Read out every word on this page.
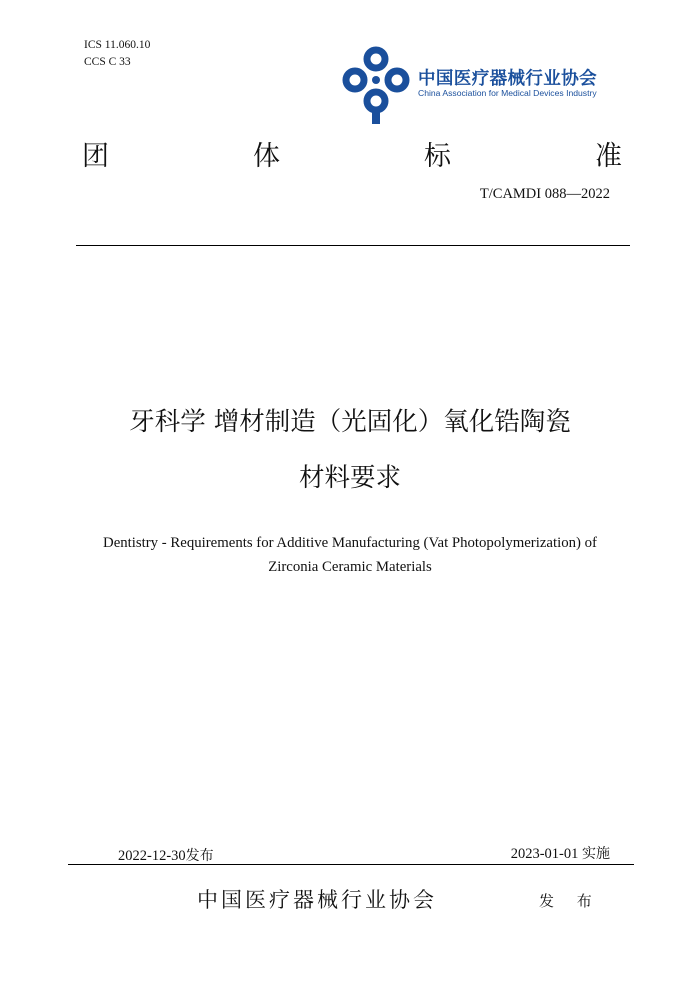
ICS 11.060.10
CCS C 33
中国医疗器械行业协会
China Association for Medical Devices Industry
团	体	标	准
T/CAMDI 088—2022
牙科学 增材制造（光固化）氧化锆陶瓷
材料要求
Dentistry - Requirements for Additive Manufacturing (Vat Photopolymerization) of
Zirconia Ceramic Materials
2022-12-30发布	2023-01-01 实施
中国医疗器械行业协会	发 布
